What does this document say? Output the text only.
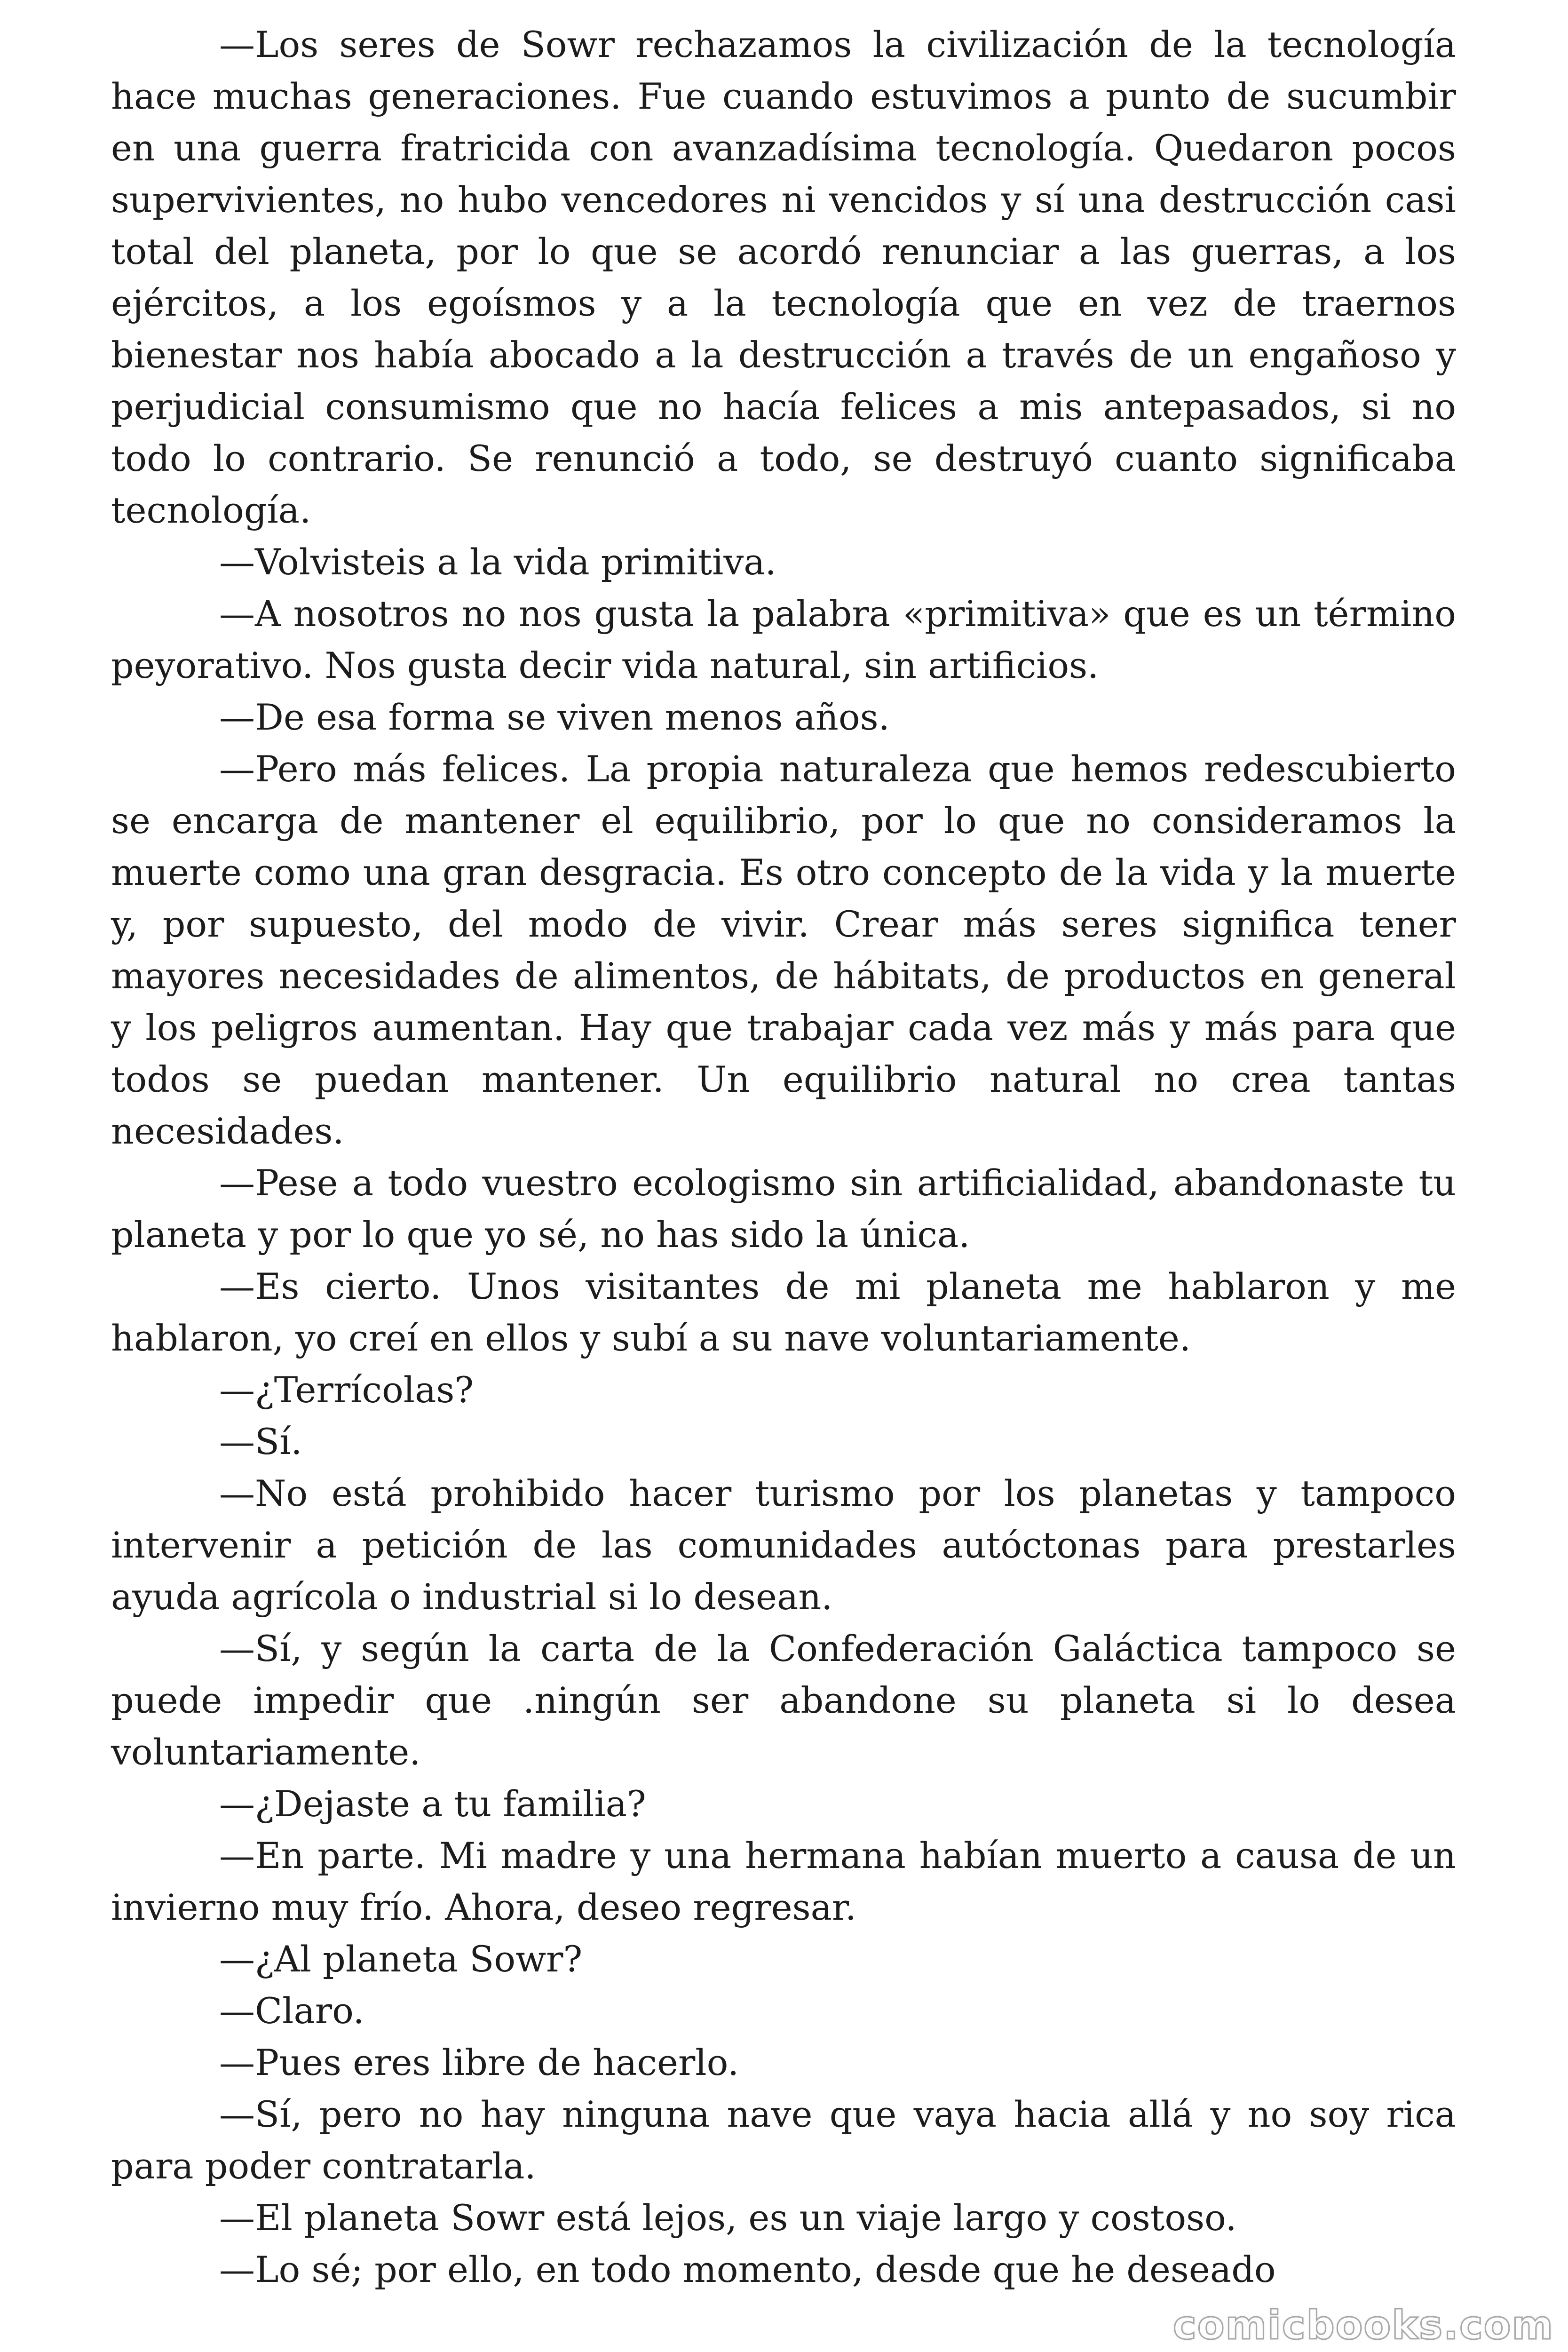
—Los seres de Sowr rechazamos la civilización de la tecnología hace muchas generaciones. Fue cuando estuvimos a punto de sucumbir en una guerra fratricida con avanzadísima tecnología. Quedaron pocos supervivientes, no hubo vencedores ni vencidos y sí una destrucción casi total del planeta, por lo que se acordó renunciar a las guerras, a los ejércitos, a los egoísmos y a la tecnología que en vez de traernos bienestar nos había abocado a la destrucción a través de un engañoso y perjudicial consumismo que no hacía felices a mis antepasados, si no todo lo contrario. Se renunció a todo, se destruyó cuanto significaba tecnología.

—Volvisteis a la vida primitiva.

—A nosotros no nos gusta la palabra «primitiva» que es un término peyorativo. Nos gusta decir vida natural, sin artificios.

—De esa forma se viven menos años.

—Pero más felices. La propia naturaleza que hemos redescubierto se encarga de mantener el equilibrio, por lo que no consideramos la muerte como una gran desgracia. Es otro concepto de la vida y la muerte y, por supuesto, del modo de vivir. Crear más seres significa tener mayores necesidades de alimentos, de hábitats, de productos en general y los peligros aumentan. Hay que trabajar cada vez más y más para que todos se puedan mantener. Un equilibrio natural no crea tantas necesidades.

—Pese a todo vuestro ecologismo sin artificialidad, abandonaste tu planeta y por lo que yo sé, no has sido la única.

—Es cierto. Unos visitantes de mi planeta me hablaron y me hablaron, yo creí en ellos y subí a su nave voluntariamente.

—¿Terrícolas?

—Sí.

—No está prohibido hacer turismo por los planetas y tampoco intervenir a petición de las comunidades autóctonas para prestarles ayuda agrícola o industrial si lo desean.

—Sí, y según la carta de la Confederación Galáctica tampoco se puede impedir que .ningún ser abandone su planeta si lo desea voluntariamente.

—¿Dejaste a tu familia?

—En parte. Mi madre y una hermana habían muerto a causa de un invierno muy frío. Ahora, deseo regresar.

—¿Al planeta Sowr?

—Claro.

—Pues eres libre de hacerlo.

—Sí, pero no hay ninguna nave que vaya hacia allá y no soy rica para poder contratarla.

—El planeta Sowr está lejos, es un viaje largo y costoso.

—Lo sé; por ello, en todo momento, desde que he deseado

comicbooks.com
